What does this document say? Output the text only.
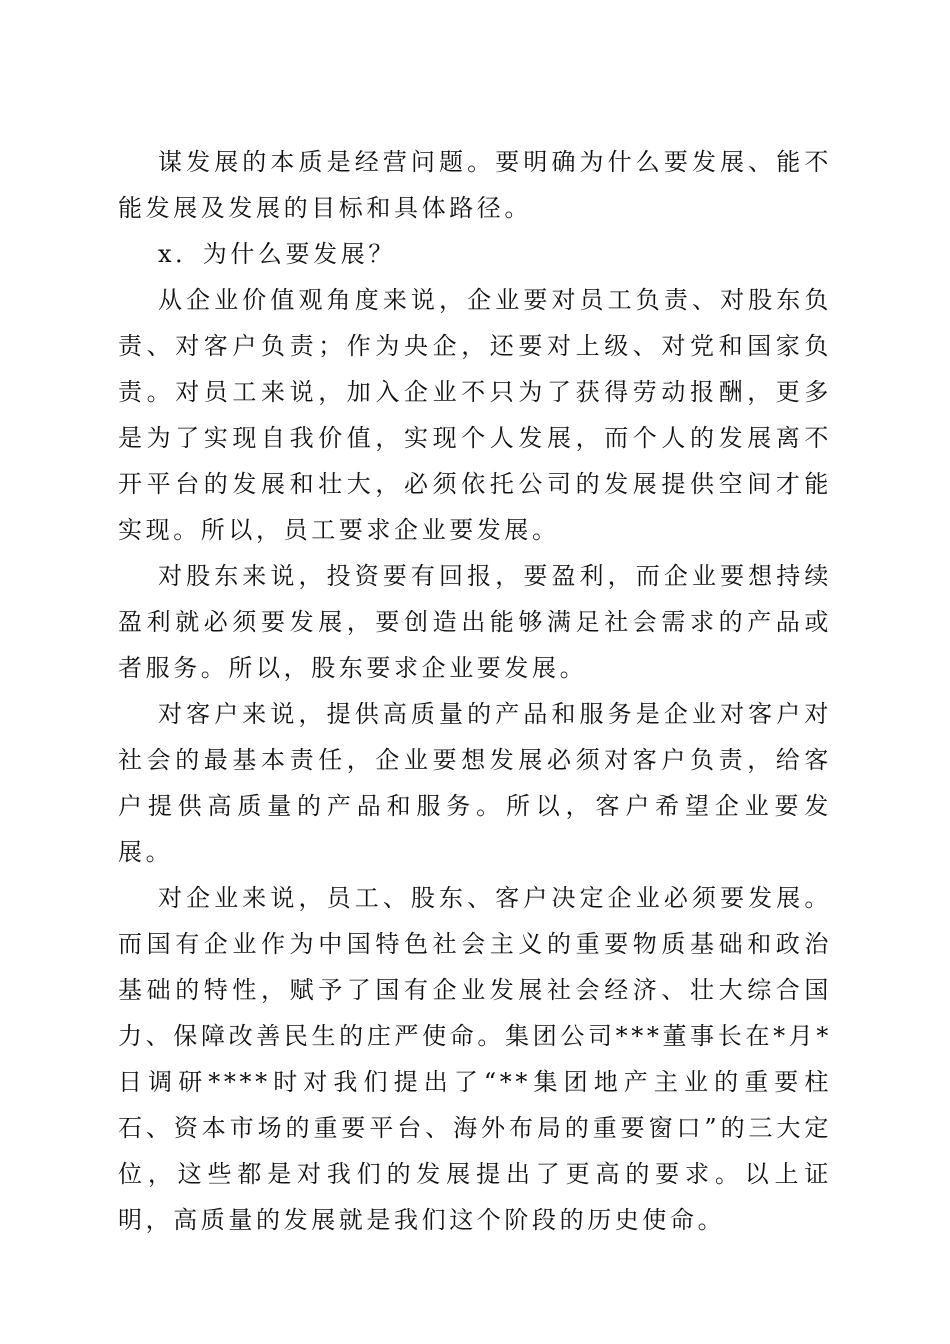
谋发展的本质是经营问题。要明确为什么要发展、能不能发展及发展的目标和具体路径。

x．为什么要发展？

从企业价值观角度来说，企业要对员工负责、对股东负责、对客户负责；作为央企，还要对上级、对党和国家负责。对员工来说，加入企业不只为了获得劳动报酬，更多是为了实现自我价值，实现个人发展，而个人的发展离不开平台的发展和壮大，必须依托公司的发展提供空间才能实现。所以，员工要求企业要发展。

对股东来说，投资要有回报，要盈利，而企业要想持续盈利就必须要发展，要创造出能够满足社会需求的产品或者服务。所以，股东要求企业要发展。

对客户来说，提供高质量的产品和服务是企业对客户对社会的最基本责任，企业要想发展必须对客户负责，给客户提供高质量的产品和服务。所以，客户希望企业要发展。

对企业来说，员工、股东、客户决定企业必须要发展。而国有企业作为中国特色社会主义的重要物质基础和政治基础的特性，赋予了国有企业发展社会经济、壮大综合国力、保障改善民生的庄严使命。集团公司***董事长在*月*日调研****时对我们提出了“**集团地产主业的重要柱石、资本市场的重要平台、海外布局的重要窗口”的三大定位，这些都是对我们的发展提出了更高的要求。以上证明，高质量的发展就是我们这个阶段的历史使命。
